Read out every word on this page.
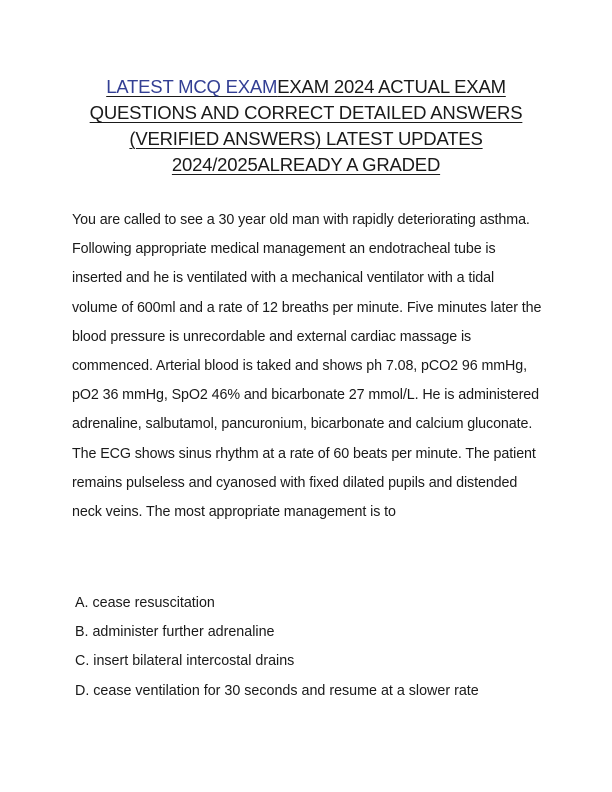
LATEST MCQ EXAMEXAM 2024 ACTUAL EXAM QUESTIONS AND CORRECT DETAILED ANSWERS (VERIFIED ANSWERS) LATEST UPDATES 2024/2025ALREADY A GRADED

You are called to see a 30 year old man with rapidly deteriorating asthma. Following appropriate medical management an endotracheal tube is inserted and he is ventilated with a mechanical ventilator with a tidal volume of 600ml and a rate of 12 breaths per minute. Five minutes later the blood pressure is unrecordable and external cardiac massage is commenced. Arterial blood is taked and shows ph 7.08, pCO2 96 mmHg, pO2 36 mmHg, SpO2 46% and bicarbonate 27 mmol/L. He is administered adrenaline, salbutamol, pancuronium, bicarbonate and calcium gluconate. The ECG shows sinus rhythm at a rate of 60 beats per minute. The patient remains pulseless and cyanosed with fixed dilated pupils and distended neck veins. The most appropriate management is to

A. cease resuscitation
B. administer further adrenaline
C. insert bilateral intercostal drains
D. cease ventilation for 30 seconds and resume at a slower rate
